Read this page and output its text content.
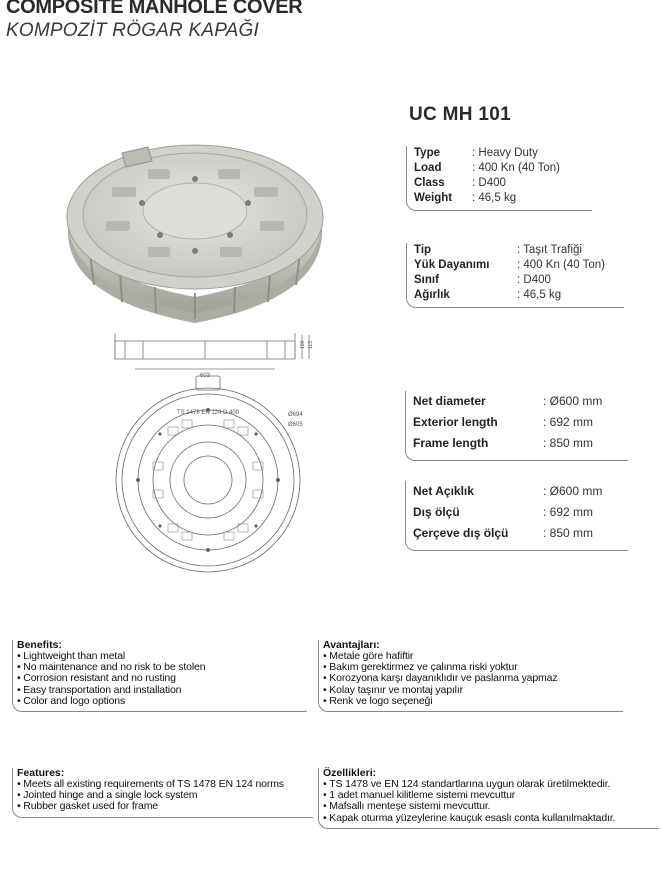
COMPOSITE MANHOLE COVER
KOMPOZİT RÖGAR KAPAĞI
603
100 113
TS 1478 EN 124 D 400	Ø694
Ø605
UC MH 101
Type	: Heavy Duty
Load	: 400 Kn (40 Ton)
Class	: D400
Weight	: 46,5 kg
Tip	: Taşıt Trafiği
Yük Dayanımı	: 400 Kn (40 Ton)
Sınıf	: D400
Ağırlık	: 46,5 kg
Net diameter	: Ø600 mm
Exterior length	: 692 mm
Frame length	: 850 mm
Net Açıklık	: Ø600 mm
Dış ölçü	: 692 mm
Çerçeve dış ölçü	: 850 mm
Benefits:
• Lightweight than metal
• No maintenance and no risk to be stolen
• Corrosion resistant and no rusting
• Easy transportation and installation
• Color and logo options
Avantajları:
• Metale göre hafiftir
• Bakım gerektirmez ve çalınma riski yoktur
• Korozyona karşı dayanıklıdır ve paslanma yapmaz
• Kolay taşınır ve montaj yapılır
• Renk ve logo seçeneği
Features:
• Meets all existing requirements of TS 1478 EN 124 norms
• Jointed hinge and a single lock system
• Rubber gasket used for frame
Özellikleri:
• TS 1478 ve EN 124 standartlarına uygun olarak üretilmektedir.
• 1 adet manuel kilitleme sistemi mevcuttur
• Mafsallı menteşe sistemi mevcuttur.
• Kapak oturma yüzeylerine kauçuk esaslı conta kullanılmaktadır.
